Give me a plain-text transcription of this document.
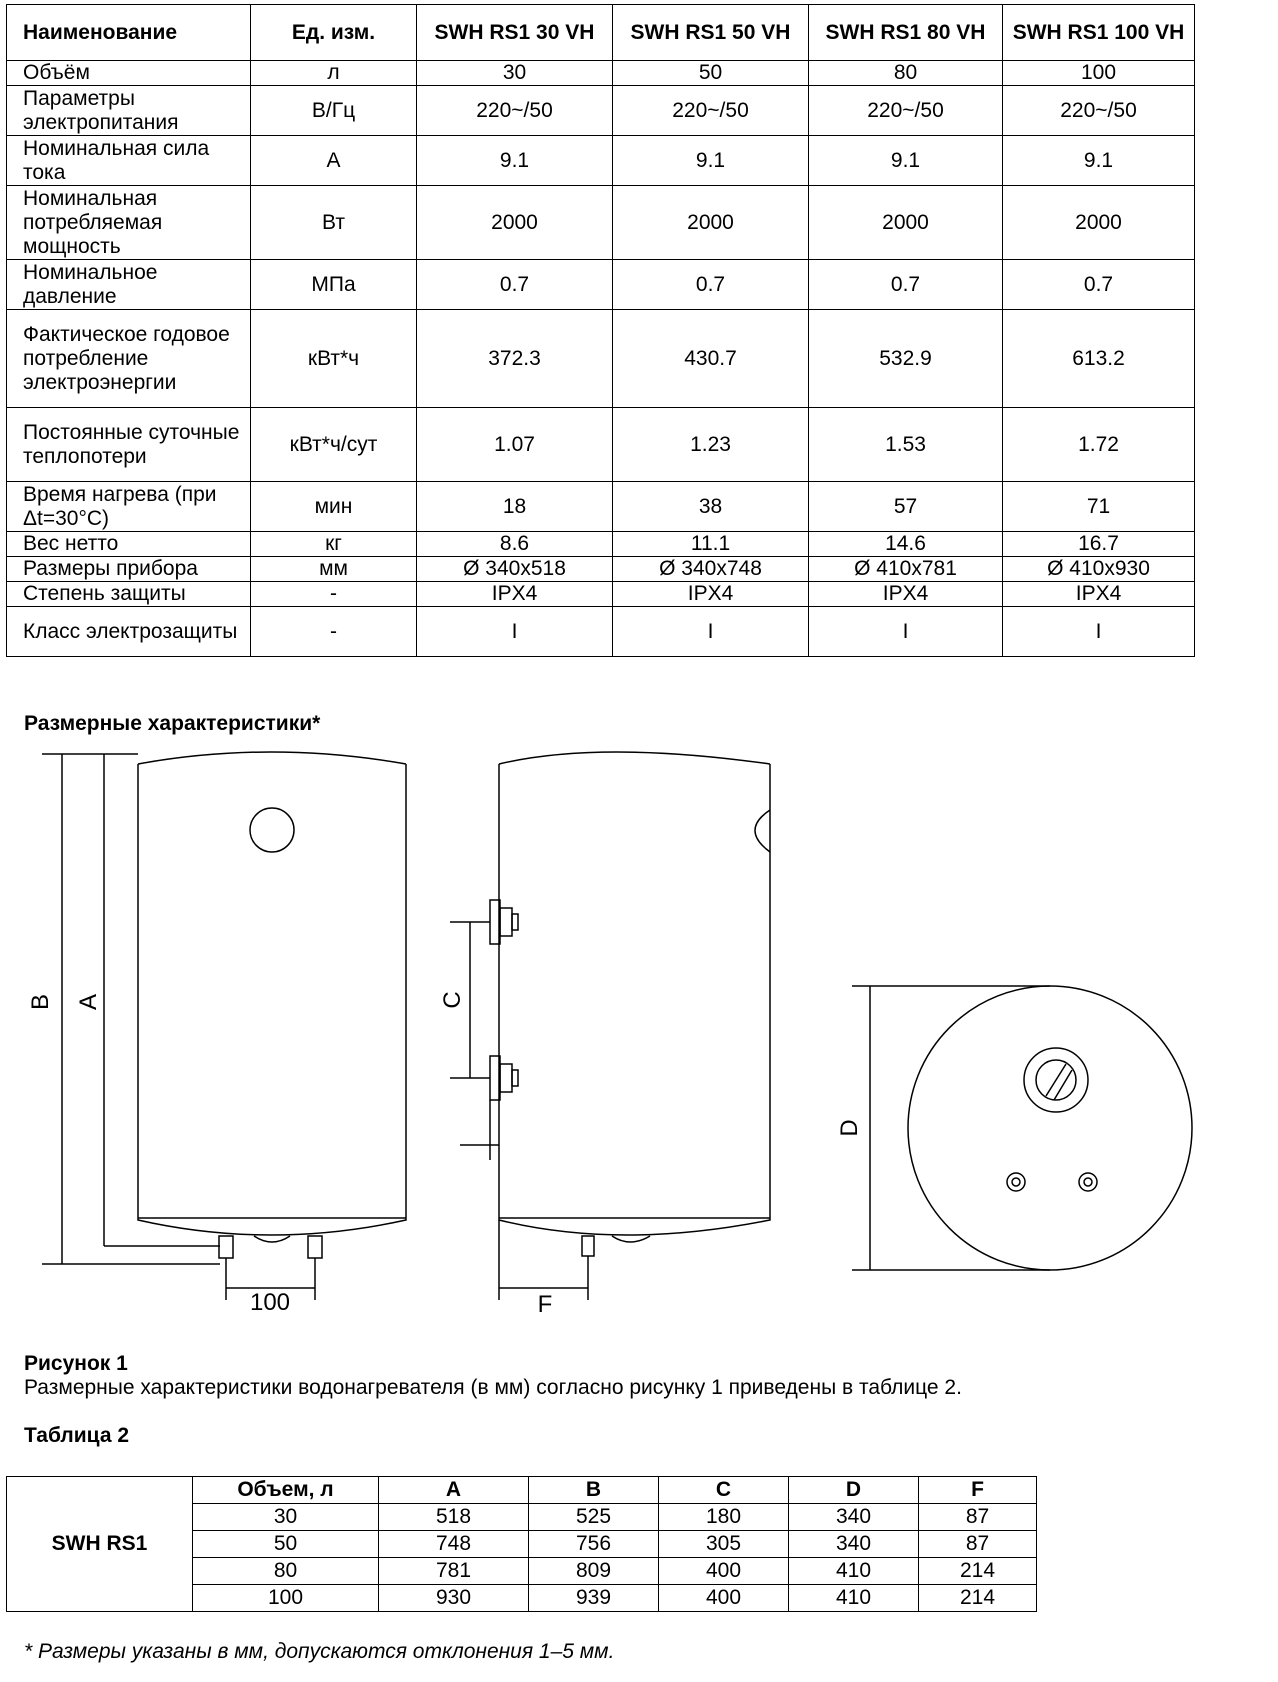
Наименование	Ед. изм.	SWH RS1 30 VH	SWH RS1 50 VH	SWH RS1 80 VH	SWH RS1 100 VH
Объём	л	30	50	80	100
Параметры электропитания	В/Гц	220~/50	220~/50	220~/50	220~/50
Номинальная сила тока	А	9.1	9.1	9.1	9.1
Номинальная потребляемая мощность	Вт	2000	2000	2000	2000
Номинальное давление	МПа	0.7	0.7	0.7	0.7
Фактическое годовое потребление электроэнергии	кВт*ч	372.3	430.7	532.9	613.2
Постоянные суточные теплопотери	кВт*ч/сут	1.07	1.23	1.53	1.72
Время нагрева (при Δt=30°C)	мин	18	38	57	71
Вес нетто	кг	8.6	11.1	14.6	16.7
Размеры прибора	мм	Ø 340x518	Ø 340x748	Ø 410x781	Ø 410x930
Степень защиты	-	IPX4	IPX4	IPX4	IPX4
Класс электрозащиты	-	I	I	I	I
Размерные характеристики*
B A	C
D
F
100
Рисунок 1
Размерные характеристики водонагревателя (в мм) согласно рисунку 1 приведены в таблице 2.
Таблица 2
SWH RS1	Объем, л	A	B	C	D	F
	30	518	525	180	340	87
	50	748	756	305	340	87
	80	781	809	400	410	214
	100	930	939	400	410	214
* Размеры указаны в мм, допускаются отклонения 1–5 мм.
